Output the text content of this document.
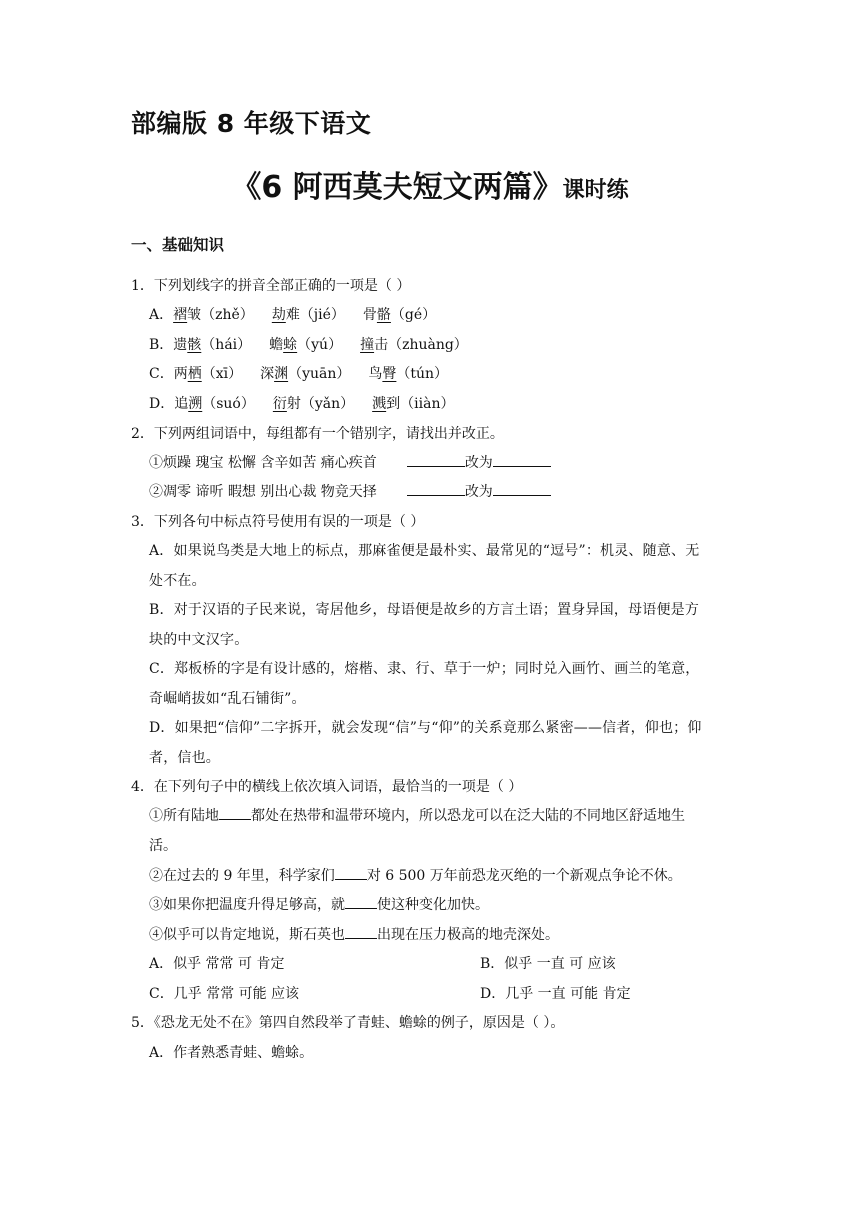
部编版 8 年级下语文
《6 阿西莫夫短文两篇》课时练
一、基础知识
1．下列划线字的拼音全部正确的一项是（ ）
A．褶皱（zhě） 劫难（jié） 骨骼（gé）
B．遗骸（hái） 蟾蜍（yú） 撞击（zhuàng）
C．两栖（xī） 深渊（yuān） 鸟臀（tún）
D．追溯（suó） 衍射（yǎn） 溅到（iiàn）
2．下列两组词语中，每组都有一个错别字，请找出并改正。
①烦躁 瑰宝 松懈 含辛如苦 痛心疾首	改为
②凋零 谛听 暇想 别出心裁 物竞天择	改为
3．下列各句中标点符号使用有误的一项是（ ）
A．如果说鸟类是大地上的标点，那麻雀便是最朴实、最常见的“逗号”：机灵、随意、无
处不在。
B．对于汉语的子民来说，寄居他乡，母语便是故乡的方言土语；置身异国，母语便是方
块的中文汉字。
C．郑板桥的字是有设计感的，熔楷、隶、行、草于一炉；同时兑入画竹、画兰的笔意，
奇崛峭拔如“乱石铺街”。
D．如果把“信仰”二字拆开，就会发现“信”与“仰”的关系竟那么紧密——信者，仰也；仰
者，信也。
4．在下列句子中的横线上依次填入词语，最恰当的一项是（ ）
①所有陆地 都处在热带和温带环境内，所以恐龙可以在泛大陆的不同地区舒适地生
活。
②在过去的 9 年里，科学家们 对 6 500 万年前恐龙灭绝的一个新观点争论不休。
③如果你把温度升得足够高，就 使这种变化加快。
④似乎可以肯定地说，斯石英也 出现在压力极高的地壳深处。
A．似乎 常常 可 肯定	B．似乎 一直 可 应该
C．几乎 常常 可能 应该	D．几乎 一直 可能 肯定
5．《恐龙无处不在》第四自然段举了青蛙、蟾蜍的例子，原因是（ ）。
A．作者熟悉青蛙、蟾蜍。
